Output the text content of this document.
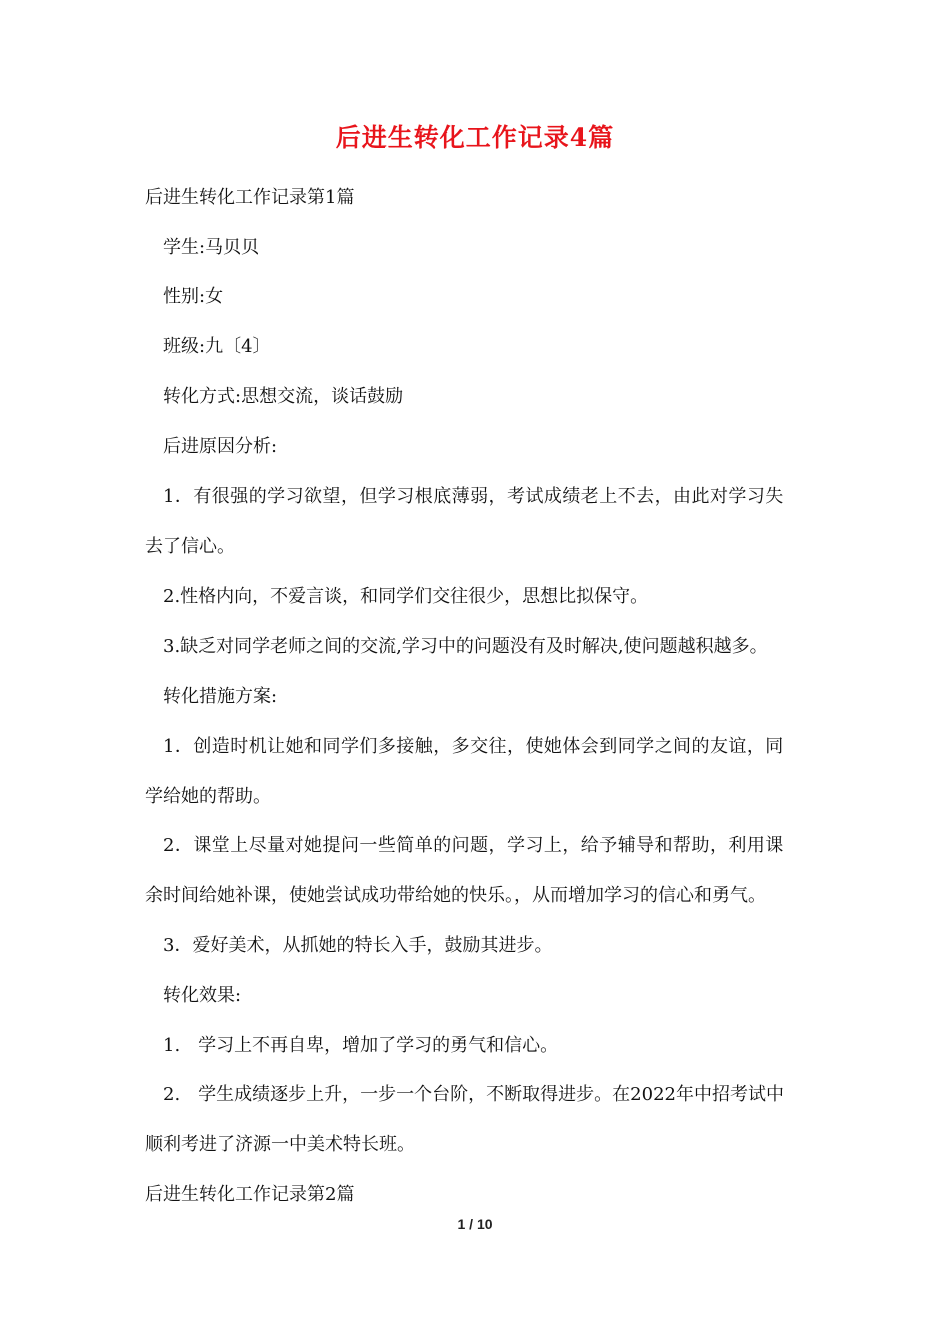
后进生转化工作记录4篇
后进生转化工作记录第1篇
学生:马贝贝
性别:女
班级:九〔4〕
转化方式:思想交流，谈话鼓励
后进原因分析:
1．有很强的学习欲望，但学习根底薄弱，考试成绩老上不去，由此对学习失
去了信心。
2.性格内向，不爱言谈，和同学们交往很少，思想比拟保守。
3.缺乏对同学老师之间的交流,学习中的问题没有及时解决,使问题越积越多。
转化措施方案:
1．创造时机让她和同学们多接触，多交往，使她体会到同学之间的友谊，同
学给她的帮助。
2．课堂上尽量对她提问一些简单的问题，学习上，给予辅导和帮助，利用课
余时间给她补课，使她尝试成功带给她的快乐。，从而增加学习的信心和勇气。
3．爱好美术，从抓她的特长入手，鼓励其进步。
转化效果:
1.　学习上不再自卑，增加了学习的勇气和信心。
2.　学生成绩逐步上升，一步一个台阶，不断取得进步。在2022年中招考试中
顺利考进了济源一中美术特长班。
后进生转化工作记录第2篇
1 / 10
